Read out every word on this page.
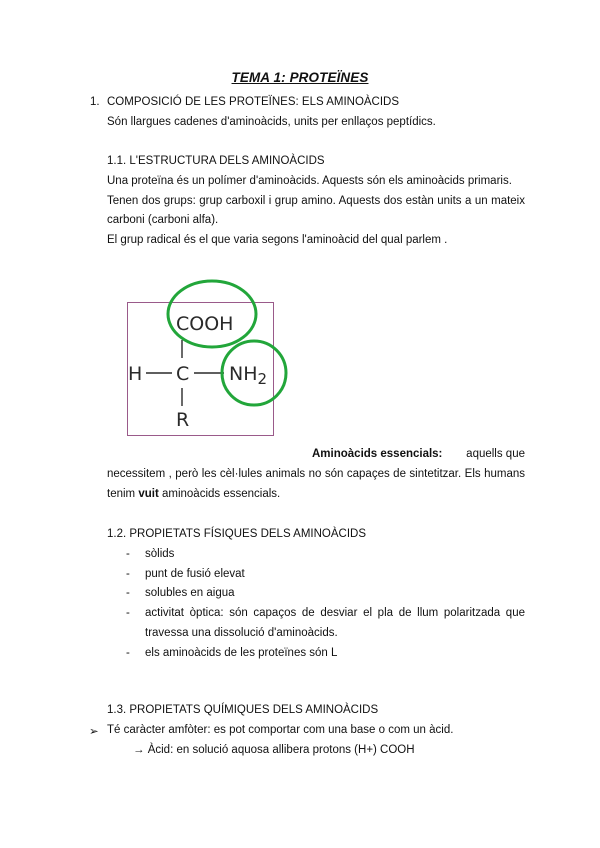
TEMA 1: PROTEÏNES
1. COMPOSICIÓ DE LES PROTEÏNES: ELS AMINOÀCIDS
Són llargues cadenes d'aminoàcids, units per enllaços peptídics.
1.1. L'ESTRUCTURA DELS AMINOÀCIDS
Una proteïna és un polímer d'aminoàcids. Aquests són els aminoàcids primaris.
Tenen dos grups: grup carboxil i grup amino. Aquests dos estàn units a un mateix
carboni (carboni alfa).
El grup radical és el que varia segons l'aminoàcid del qual parlem .
COOH
H C $NH_2$
R
Aminoàcids essencials: aquells que
necessitem , però les cèl·lules animals no són capaçes de sintetitzar. Els humans
tenim vuit aminoàcids essencials.
1.2. PROPIETATS FÍSIQUES DELS AMINOÀCIDS
- sòlids
- punt de fusió elevat
- solubles en aigua
- activitat òptica: són capaços de desviar el pla de llum polaritzada que
travessa una dissolució d'aminoàcids.
- els aminoàcids de les proteïnes són L
1.3. PROPIETATS QUÍMIQUES DELS AMINOÀCIDS
➢ Té caràcter amfòter: es pot comportar com una base o com un àcid.
→ Àcid: en solució aquosa allibera protons (H+) COOH
